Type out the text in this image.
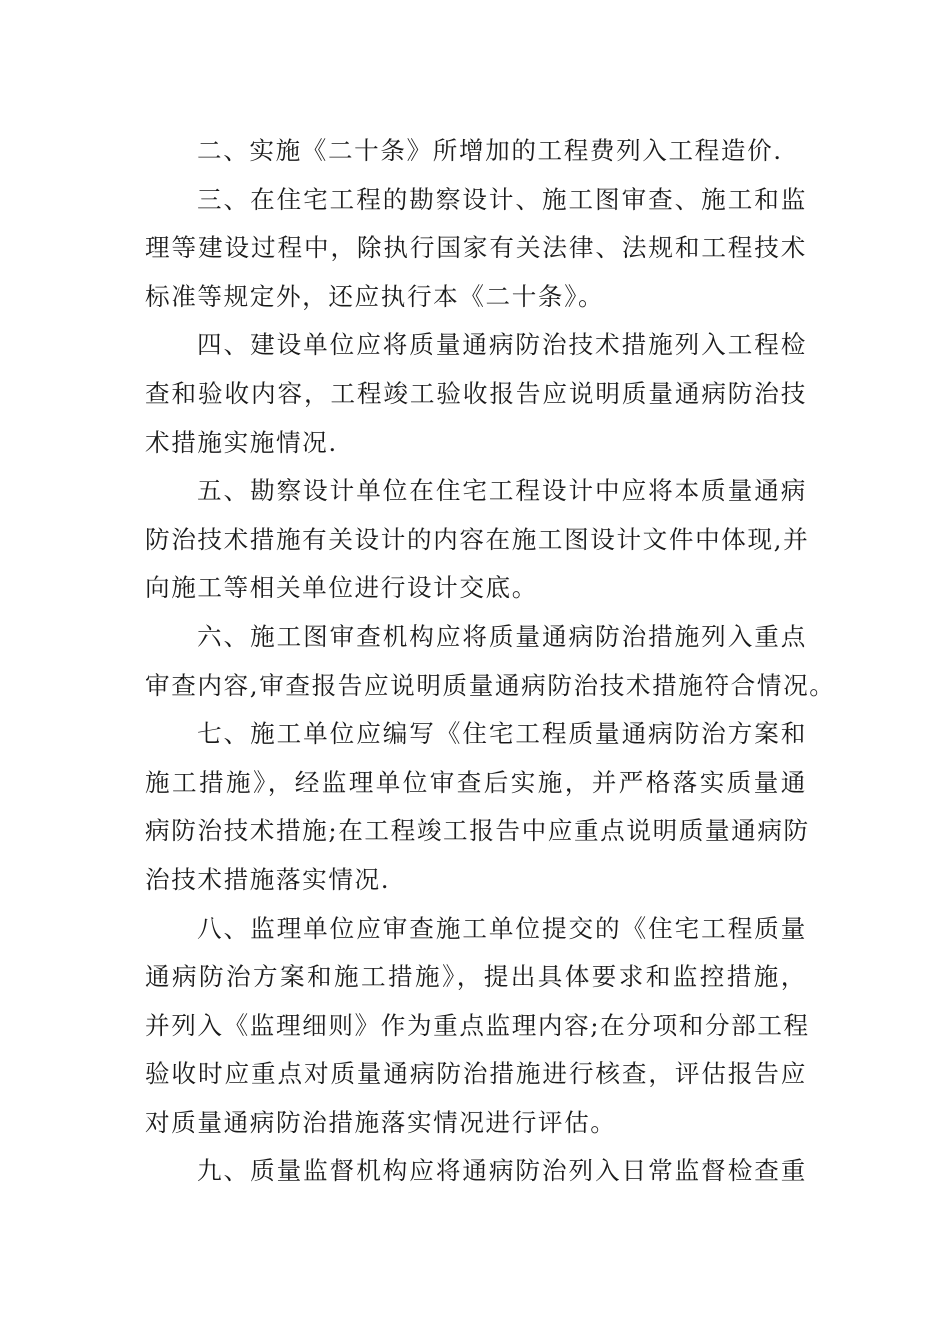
二、实施《二十条》所增加的工程费列入工程造价.
三、在住宅工程的勘察设计、施工图审查、施工和监
理等建设过程中，除执行国家有关法律、法规和工程技术
标准等规定外，还应执行本《二十条》。
四、建设单位应将质量通病防治技术措施列入工程检
查和验收内容，工程竣工验收报告应说明质量通病防治技
术措施实施情况.
五、勘察设计单位在住宅工程设计中应将本质量通病
防治技术措施有关设计的内容在施工图设计文件中体现,并
向施工等相关单位进行设计交底。
六、施工图审查机构应将质量通病防治措施列入重点
审查内容,审查报告应说明质量通病防治技术措施符合情况。
七、施工单位应编写《住宅工程质量通病防治方案和
施工措施》，经监理单位审查后实施，并严格落实质量通
病防治技术措施;在工程竣工报告中应重点说明质量通病防
治技术措施落实情况.
八、监理单位应审查施工单位提交的《住宅工程质量
通病防治方案和施工措施》，提出具体要求和监控措施，
并列入《监理细则》作为重点监理内容;在分项和分部工程
验收时应重点对质量通病防治措施进行核查，评估报告应
对质量通病防治措施落实情况进行评估。
九、质量监督机构应将通病防治列入日常监督检查重
